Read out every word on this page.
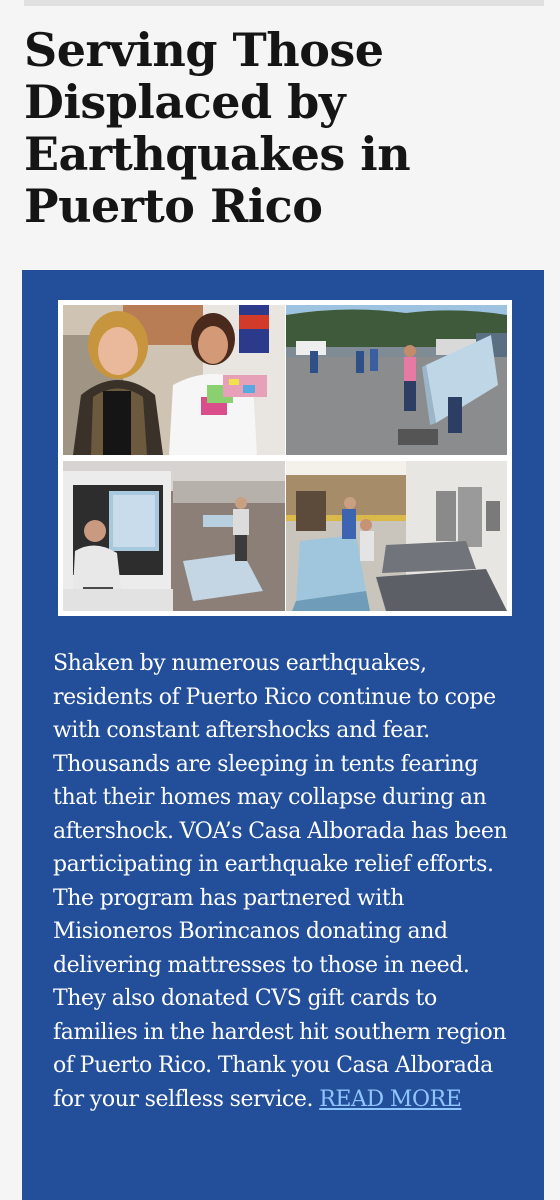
Serving Those Displaced by Earthquakes in Puerto Rico

Shaken by numerous earthquakes, residents of Puerto Rico continue to cope with constant aftershocks and fear. Thousands are sleeping in tents fearing that their homes may collapse during an aftershock. VOA’s Casa Alborada has been participating in earthquake relief efforts. The program has partnered with Misioneros Borincanos donating and delivering mattresses to those in need. They also donated CVS gift cards to families in the hardest hit southern region of Puerto Rico. Thank you Casa Alborada for your selfless service. READ MORE
